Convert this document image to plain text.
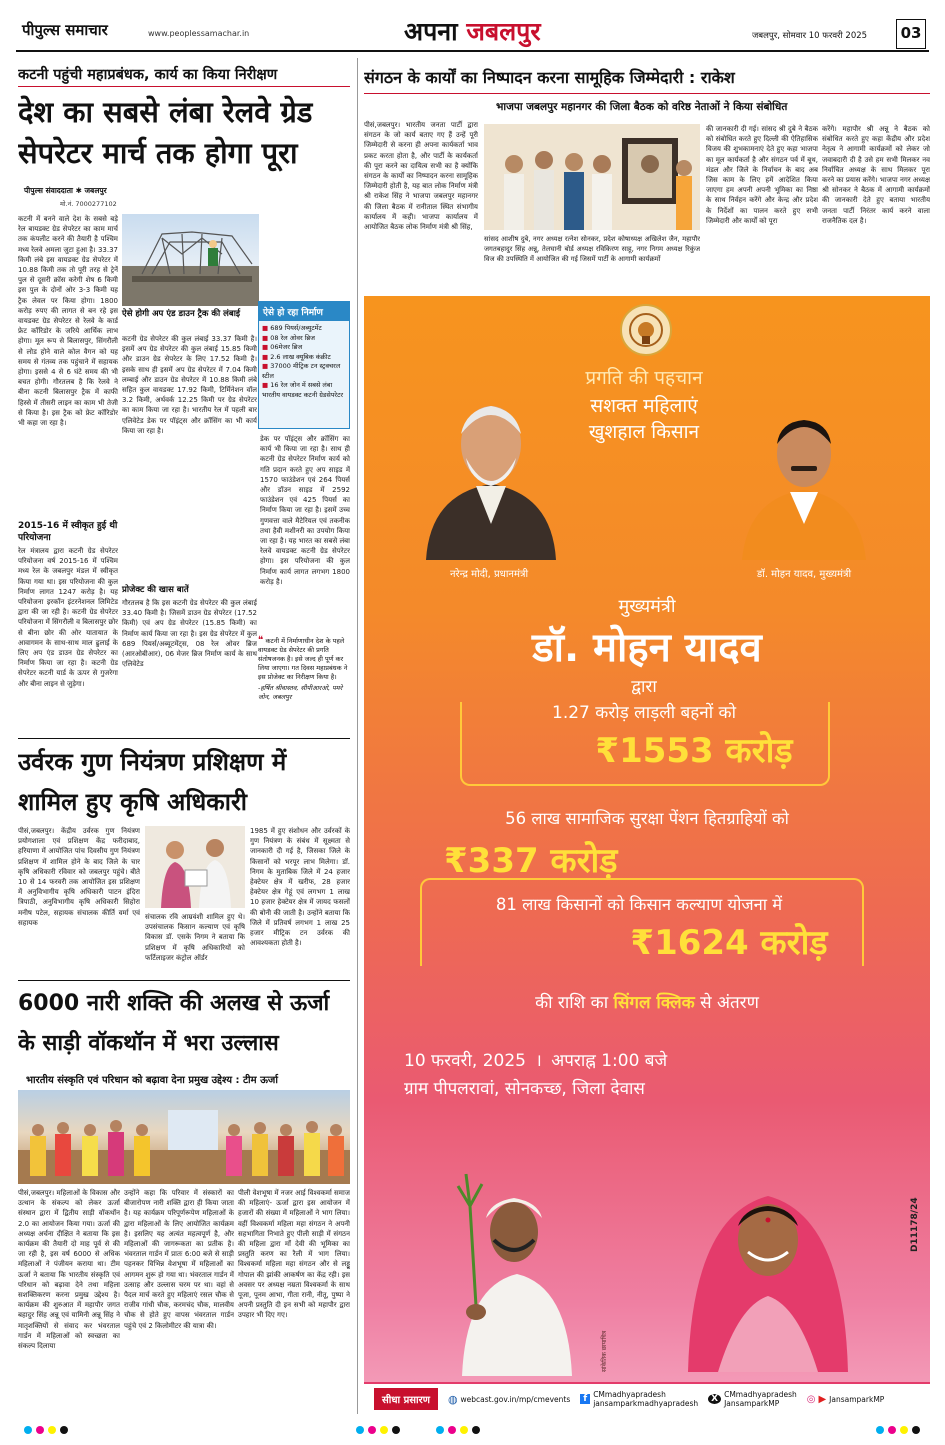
पीपुल्स समाचार	www.peoplessamachar.in	अपना जबलपुर	जबलपुर, सोमवार 10 फरवरी 2025	03
कटनी पहुंची महाप्रबंधक, कार्य का किया निरीक्षण
देश का सबसे लंबा रेलवे ग्रेड सेपरेटर मार्च तक होगा पूरा
पीपुल्स संवाददाता ✱ जबलपुर
मो.नं. 7000277102
कटनी में बनने वाले देश के सबसे बड़े रेल बायडक्ट ग्रेड सेपरेटर का काम मार्च तक कंपलीट करने की तैयारी है पश्चिम मध्य रेलवे अमला जुटा हुआ है। 33.37 किमी लंबे इस वायडक्ट ग्रेड सेपरेटर में 10.88 किमी तक तो पूरी तरह से ट्रेनें पुल से दूसरी क्रॉस करेगी शेष 6 किमी इस पुल के दोनों ओर 3-3 किमी यह ट्रैक लेवल पर किया होगा। 1800 करोड़ रुपए की लागत से बन रहे इस वायडक्ट ग्रेड सेपरेटर से रेलवे के कार्ड फ्रेट कॉरिडोर के जरिये आर्थिक लाभ होगा। मूल रूप से बिलासपुर, सिंगरौली से लोड होने वाले कोल वैगन को यह समय से गंतव्य तक पहुंचाने में सहायक होगा। इससे 4 से 6 घंटे समय की भी बचत होगी। गौरतलब है कि रेलवे ने बीना कटनी बिलासपुर ट्रैक में काफी हिस्से में तीसरी लाइन का काम भी तेजी से किया है। इस ट्रैक को फ्रेट कॉरिडोर भी कहा जा रहा है।
2015-16 में स्वीकृत हुई थी परियोजना
रेल मंत्रालय द्वारा कटनी ग्रेड सेपरेटर परियोजना वर्ष 2015-16 में पश्चिम मध्य रेल के जबलपुर मंडल में स्वीकृत किया गया था। इस परियोजना की कुल निर्माण लागत 1247 करोड़ है। यह परियोजना इरकॉन इंटरनेशनल लिमिटेड द्वारा की जा रही है। कटनी ग्रेड सेपरेटर परियोजना में सिंगरौली व बिलासपुर छोर से बीना छोर की ओर यातायात के आवागमन के साथ-साथ माल ढुलाई के लिए अप एंड डाउन ग्रेड सेपरेटर का निर्माण किया जा रहा है। कटनी ग्रेड सेपरेटर कटनी यार्ड के ऊपर से गुजरेगा और बीना लाइन से जुड़ेगा।
ऐसे होगी अप एंड डाउन ट्रैक की लंबाई
कटनी ग्रेड सेपरेटर की कुल लंबाई 33.37 किमी है। इसमें अप ग्रेड सेपरेटर की कुल लंबाई 15.85 किमी और डाउन ग्रेड सेपरेटर के लिए 17.52 किमी है। इसके साथ ही इसमें अप ग्रेड सेपरेटर में 7.04 किमी लम्बाई और डाउन ग्रेड सेपरेटर में 10.88 किमी लंबे सहित कुल वायडक्ट 17.92 किमी, टिर्मिनेशन वॉल 3.2 किमी, अर्थवर्क 12.25 किमी पर ग्रेड सेपरेटर का काम किया जा रहा है। भारतीय रेल में पहली बार एलिवेटेड डेक पर पॉइंट्स और क्रॉसिंग का भी कार्य किया जा रहा है।
प्रोजेक्ट की खास बातें
गौरतलब है कि इस कटनी ग्रेड सेपरेटर की कुल लंबाई 33.40 किमी है। जिसमें डाउन ग्रेड सेपरेटर (17.52 किमी) एवं अप ग्रेड सेपरेटर (15.85 किमी) का निर्माण कार्य किया जा रहा है। इस ग्रेड सेपरेटर में कुल 689 पियर्स/अब्यूटमेंट्स, 08 रेल ओवर ब्रिज (आरओबीआर), 06 मेजर ब्रिज निर्माण कार्य के साथ एलिवेटेड
ऐसे हो रहा निर्माण
■ 689 पियर्स/अब्युटमेंट
■ 08 रेल ओवर ब्रिज
■ 06मेजर ब्रिज
■ 2.6 लाख क्यूबिक कंक्रीट
■ 37000 मीट्रिक टन स्ट्रक्चरल स्टील
■ 16 रेल जोन में सबसे लंबा भारतीय वायडक्ट कटनी ग्रेडसेपरेटर
डेक पर पॉइंट्स और क्रॉसिंग का कार्य भी किया जा रहा है। साथ ही कटनी ग्रेड सेपरेटर निर्माण कार्य को गति प्रदान करते हुए अप साइड में 1570 फाउंडेशन एवं 264 पियर्स और डॉउन साइड में 2592 फाउंडेशन एवं 425 पियर्स का निर्माण किया जा रहा है। इसमें उच्च गुणवत्ता वाले मैटेरियल एवं तकनीक तथा हैवी मशीनरी का उपयोग किया जा रहा है। यह भारत का सबसे लंबा रेलवे वायडक्ट कटनी ग्रेड सेपरेटर होगा। इस परियोजना की कुल निर्माण कार्य लागत लगभग 1800 करोड़ है।
❝ कटनी में निर्माणाधीन देश के पहले वायडक्ट ग्रेड सेपरेटर की प्रगति संतोषजनक है। इसे जल्द ही पूर्ण कर लिया जाएगा। गत दिवस महाप्रबंधक ने इस प्रोजेक्ट का निरीक्षण किया है।
-हर्षित श्रीवास्तव, सीपीआरओ, पमरे जोन, जबलपुर
उर्वरक गुण नियंत्रण प्रशिक्षण में शामिल हुए कृषि अधिकारी
पीसं,जबलपुर। केंद्रीय उर्वरक गुण नियंत्रण प्रयोगशाला एवं प्रशिक्षण केंद्र फरीदाबाद, हरियाणा में आयोजित पांच दिवसीय गुण नियंत्रण प्रशिक्षण में शामिल होने के बाद जिले के चार कृषि अधिकारी रविवार को जबलपुर पहुंचे। बीते 10 से 14 फरवरी तक आयोजित इस प्रशिक्षण में अनुविभागीय कृषि अधिकारी पाटन इंदिरा त्रिपाठी, अनुविभागीय कृषि अधिकारी सिहोरा मनीष पटेल, सहायक संचालक कीर्ति वर्मा एवं सहायक
संचालक रवि आम्रवंशी शामिल हुए थे। उपसंचालक किसान कल्याण एवं कृषि विकास डॉ. एसके निगम ने बताया कि प्रशिक्षण में कृषि अधिकारियों को फर्टिलाइजर कंट्रोल ऑर्डर
1985 में हुए संशोधन और उर्वरकों के गुण नियंत्रण के संबंध में सूक्ष्मता से जानकारी दी गई है, जिसका जिले के किसानों को भरपूर लाभ मिलेगा। डॉ. निगम के मुताबिक जिले में 24 हजार हेक्टेयर क्षेत्र में खरीफ, 28 हजार हेक्टेयर क्षेत्र गेहूं एवं लगभग 1 लाख 10 हजार हेक्टेयर क्षेत्र में जायद फसलों की बोनी की जाती है। उन्होंने बताया कि जिले में प्रतिवर्ष लगभग 1 लाख 25 हजार मीट्रिक टन उर्वरक की आवश्यकता होती है।
6000 नारी शक्ति की अलख से ऊर्जा के साड़ी वॉकथॉन में भरा उल्लास
भारतीय संस्कृति एवं परिधान को बढ़ावा देना प्रमुख उद्देश्य : टीम ऊर्जा
पीसं,जबलपुर। महिलाओं के विकास और उत्थान के संकल्प को लेकर ऊर्जा संस्थान द्वारा में द्वितीय साड़ी वॉकथॉन 2.0 का आयोजन किया गया। ऊर्जा की अध्यक्ष अर्चना दीक्षित ने बताया कि इस कार्यक्रम की तैयारी दो माह पूर्व से की जा रही है, इस वर्ष 6000 से अधिक महिलाओं ने पंजीयन कराया था। टीम ऊर्जा ने बताया कि भारतीय संस्कृति एवं परिधान को बढ़ावा देने तथा महिला सशक्तिकरण करना प्रमुख उद्देश्य है। कार्यक्रम की शुरुआत में महापौर जगत बहादुर सिंह अन्नू एवं यामिनी अन्नू सिंह ने मातृशक्तियों से संवाद कर भंवरताल गार्डन में महिलाओं को स्वच्छता का संकल्प दिलाया
उन्होंने कहा कि परिवार में संस्कारों का बीजारोपण नारी शक्ति द्वारा ही किया जाता है। यह कार्यक्रम परिपूर्णरूपेण महिलाओं के द्वारा महिलाओं के लिए आयोजित कार्यक्रम है। इसलिए यह अत्यंत महत्वपूर्ण है, और महिलाओं की जागरूकता का प्रतीक है। भंवरताल गार्डन में प्रातः 6:00 बजे से साड़ी पहनकर विभिन्न वेशभूषा में महिलाओं का आगमन शुरू हो गया था। भंवरताल गार्डन में उत्साह और उल्लास चरम पर था। वहां से पैदल मार्च करते हुए महिलाएं रसल चौक से राजीव गांधी चौक, करमचंद चौक, मालवीय चौक से होते हुए वापस भंवरताल गार्डन पहुंचे एवं 2 किलोमीटर की यात्रा की।
पीली वेशभूषा में नजर आई विश्वकर्मा समाज की महिलाएं- ऊर्जा द्वारा इस आयोजन में हजारों की संख्या में महिलाओं ने भाग लिया। वहीं विश्वकर्मा महिला महा संगठन ने अपनी सहभागिता निभाते हुए पीली साड़ी में संगठन की महिला द्वारा माँ देवी की भूमिका का प्रस्तुति करण का रैली में भाग लिया। विश्वकर्मा महिला महा संगठन और से लड्डू गोपाल की झांकी आकर्षण का केंद्र रही। इस अवसर पर अध्यक्ष नम्रता विश्वकर्मा के साथ पूजा, पूनम आभा, गीता रानी, नीतू, पुष्पा ने अपनी प्रस्तुति दी इन सभी को महापौर द्वारा उपहार भी दिए गए।
संगठन के कार्यों का निष्पादन करना सामूहिक जिम्मेदारी : राकेश
भाजपा जबलपुर महानगर की जिला बैठक को वरिष्ठ नेताओं ने किया संबोधित
पीसं,जबलपुर। भारतीय जनता पार्टी द्वारा संगठन के जो कार्य बताए गए हैं उन्हें पूरी जिम्मेदारी से करना ही अपना कार्यकर्ता भाव प्रकट करता होता है, और पार्टी के कार्यकर्ता की पूरा करने का दायित्व सभी का है क्योंकि संगठन के कार्यों का निष्पादन करना सामूहिक जिम्मेदारी होती है, यह बात लोक निर्माण मंत्री श्री राकेश सिंह ने भाजपा जबलपुर महानगर की जिला बैठक में रानीताल स्थित संभागीय कार्यालय में कही। भाजपा कार्यालय में आयोजित बैठक लोक निर्माण मंत्री श्री सिंह,
सांसद आशीष दुबे, नगर अध्यक्ष रत्नेश सोनकर, प्रदेश कोषाध्यक्ष अखिलेश जैन, महापौर जगतबहादुर सिंह अन्नू, तेलघानी बोर्ड अध्यक्ष रविकिरण साहू, नगर निगम अध्यक्ष रिकुंज विज की उपस्थिति में आयोजित की गई जिसमें पार्टी के आगामी कार्यक्रमों
की जानकारी दी गई। सांसद श्री दुबे ने बैठक को संबोधित करते हुए दिल्ली की ऐतिहासिक विजय की शुभकामनाएं देते हुए कहा भाजपा का मूल कार्यकर्ता है और संगठन पर्व में बूथ, मंडल और जिले के निर्वाचन के बाद अब जिस काम के लिए हमें आदेशित किया जाएगा हम अपनी अपनी भूमिका का निष्ठा के साथ निर्वहन करेंगे और केन्द्र और प्रदेश के निर्देशों का पालन करते हुए सभी जिम्मेदारी और कार्यों को पूरा
करेंगे। महापौर श्री अन्नू ने बैठक को संबोधित करते हुए कहा केंद्रीय और प्रदेश नेतृत्व ने आगामी कार्यक्रमों को लेकर जो जवाबदारी दी है उसे हम सभी मिलकर नव निर्वाचित अध्यक्ष के साथ मिलकर पूरा करने का प्रयास करेंगे। भाजपा नगर अध्यक्ष श्री सोनकर ने बैठक में आगामी कार्यक्रमों की जानकारी देते हुए बताया भारतीय जनता पार्टी निरंतर कार्य करने वाला राजनैतिक दल है।
प्रगति की पहचान
सशक्त महिलाएं
खुशहाल किसान
नरेन्द्र मोदी, प्रधानमंत्री	डॉ. मोहन यादव, मुख्यमंत्री
मुख्यमंत्री
डॉ. मोहन यादव
द्वारा
1.27 करोड़ लाड़ली बहनों को
₹1553 करोड़
56 लाख सामाजिक सुरक्षा पेंशन हितग्राहियों को
₹337 करोड़
81 लाख किसानों को किसान कल्याण योजना में
₹1624 करोड़
की राशि का सिंगल क्लिक से अंतरण
10 फरवरी, 2025 । अपराह्न 1:00 बजे
ग्राम पीपलरावां, सोनकच्छ, जिला देवास
D11178/24
सांकेतिक छायाचित्र
सीधा प्रसारण	◍ webcast.gov.in/mp/cmevents	f CMmadhyapradesh
jansamparkmadhyapradesh	X CMmadhyapradesh
JansamparkMP	◎ ▶ JansamparkMP
